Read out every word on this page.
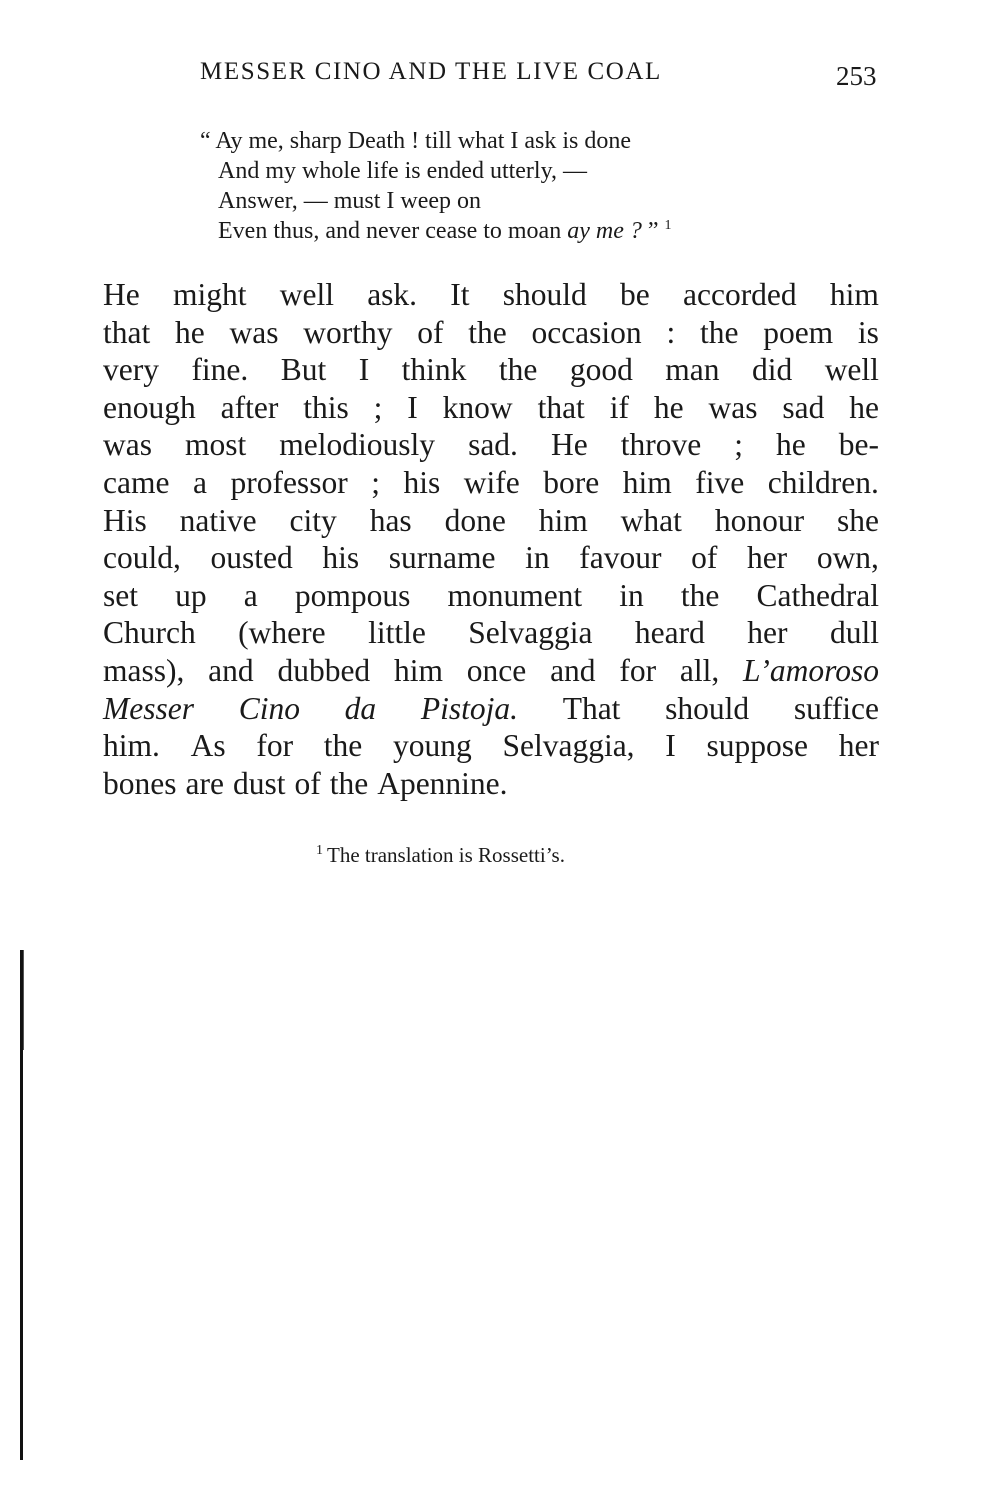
MESSER CINO AND THE LIVE COAL	253
“ Ay me, sharp Death ! till what I ask is done
And my whole life is ended utterly, —
Answer, — must I weep on
Even thus, and never cease to moan ay me ? ” $^1$
He might well ask. It should be accorded him
that he was worthy of the occasion : the poem is
very fine. But I think the good man did well
enough after this ; I know that if he was sad he
was most melodiously sad. He throve ; he be-
came a professor ; his wife bore him five children.
His native city has done him what honour she
could, ousted his surname in favour of her own,
set up a pompous monument in the Cathedral
Church (where little Selvaggia heard her dull
mass), and dubbed him once and for all, L’amoroso
Messer Cino da Pistoja. That should suffice
him. As for the young Selvaggia, I suppose her
bones are dust of the Apennine.
$^1$ The translation is Rossetti’s.
